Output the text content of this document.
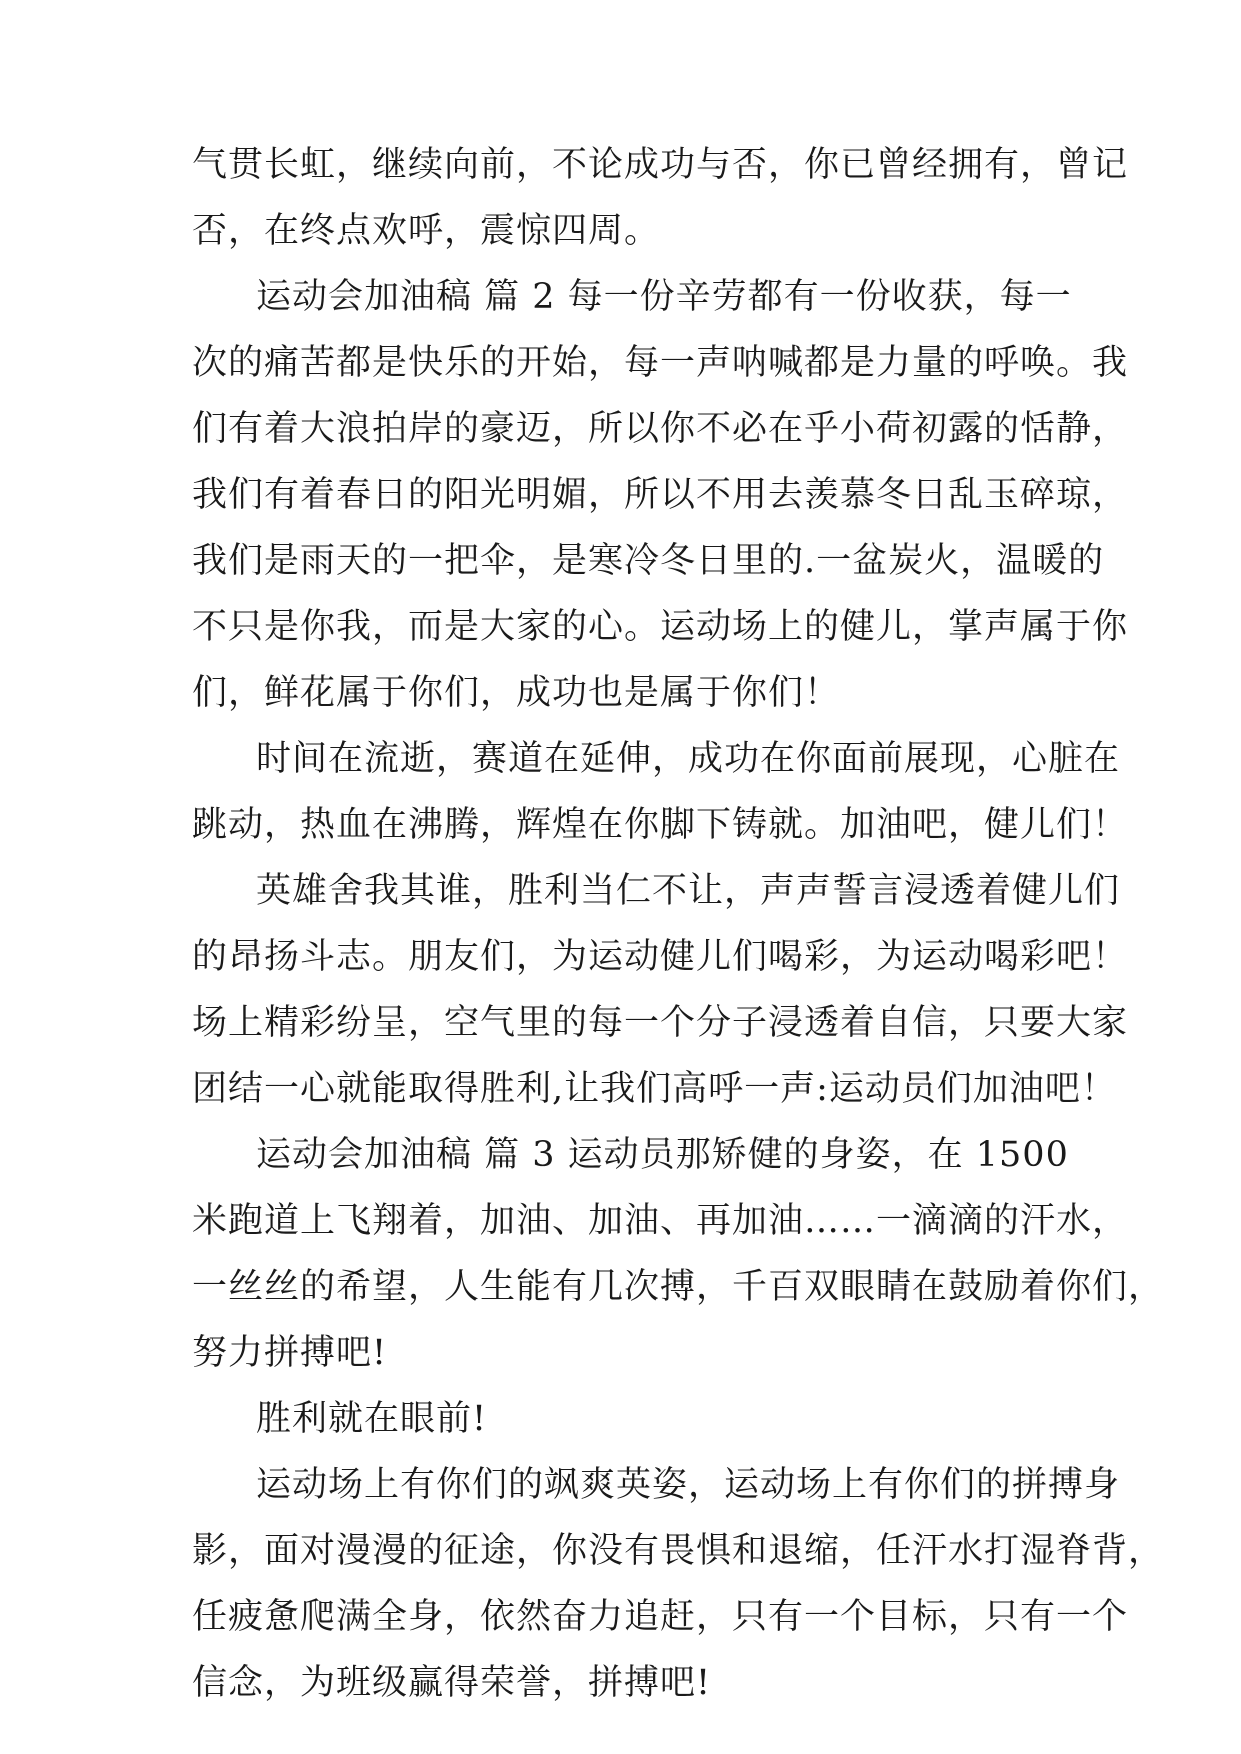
气贯长虹，继续向前，不论成功与否，你已曾经拥有，曾记

否，在终点欢呼，震惊四周。

运动会加油稿 篇 2 每一份辛劳都有一份收获，每一

次的痛苦都是快乐的开始，每一声呐喊都是力量的呼唤。我

们有着大浪拍岸的豪迈，所以你不必在乎小荷初露的恬静，

我们有着春日的阳光明媚，所以不用去羡慕冬日乱玉碎琼，

我们是雨天的一把伞，是寒冷冬日里的.一盆炭火，温暖的

不只是你我，而是大家的心。运动场上的健儿，掌声属于你

们，鲜花属于你们，成功也是属于你们！

时间在流逝，赛道在延伸，成功在你面前展现，心脏在

跳动，热血在沸腾，辉煌在你脚下铸就。加油吧，健儿们！

英雄舍我其谁，胜利当仁不让，声声誓言浸透着健儿们

的昂扬斗志。朋友们，为运动健儿们喝彩，为运动喝彩吧！

场上精彩纷呈，空气里的每一个分子浸透着自信，只要大家

团结一心就能取得胜利,让我们高呼一声:运动员们加油吧！

运动会加油稿 篇 3 运动员那矫健的身姿，在 1500

米跑道上飞翔着，加油、加油、再加油……一滴滴的汗水，

一丝丝的希望，人生能有几次搏，千百双眼睛在鼓励着你们，

努力拼搏吧!

胜利就在眼前!

运动场上有你们的飒爽英姿，运动场上有你们的拼搏身

影，面对漫漫的征途，你没有畏惧和退缩，任汗水打湿脊背，

任疲惫爬满全身，依然奋力追赶，只有一个目标，只有一个

信念，为班级赢得荣誉，拼搏吧!
